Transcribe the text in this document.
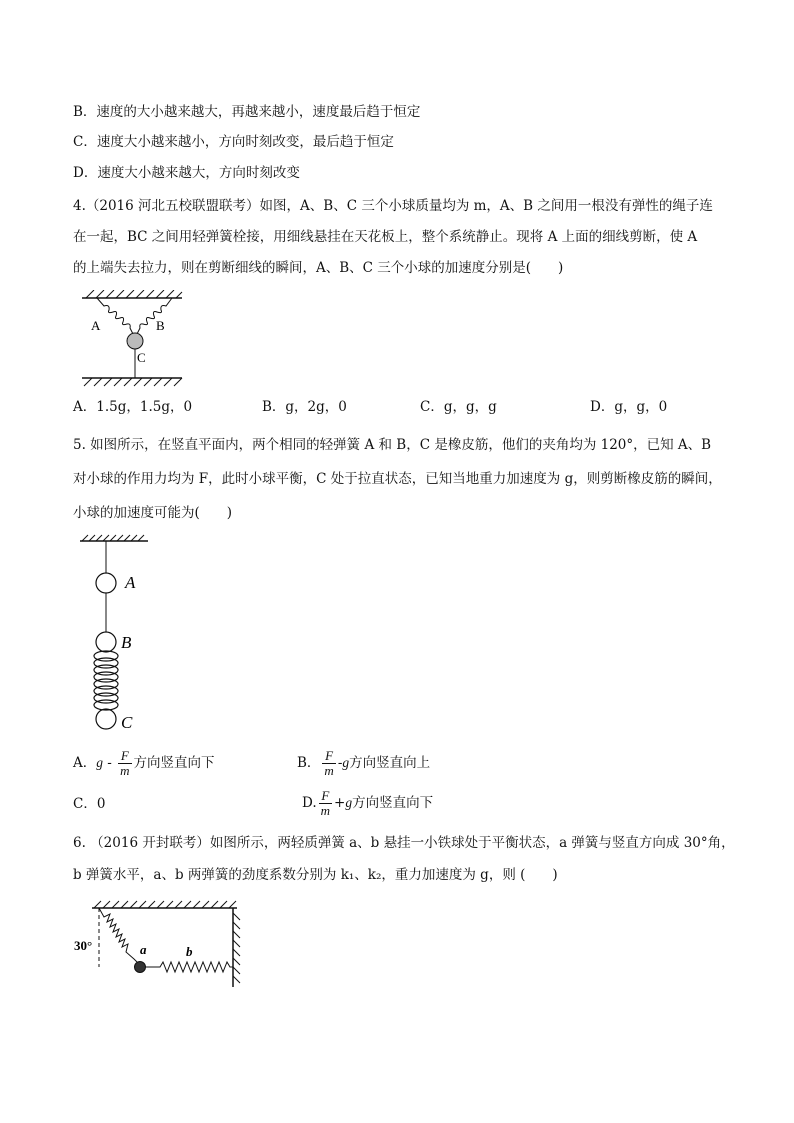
B．速度的大小越来越大，再越来越小，速度最后趋于恒定
C．速度大小越来越小，方向时刻改变，最后趋于恒定
D．速度大小越来越大，方向时刻改变
4.（2016 河北五校联盟联考）如图，A、B、C 三个小球质量均为 m，A、B 之间用一根没有弹性的绳子连
在一起，BC 之间用轻弹簧栓接，用细线悬挂在天花板上，整个系统静止。现将 A 上面的细线剪断，使 A
的上端失去拉力，则在剪断细线的瞬间，A、B、C 三个小球的加速度分别是(　　)
A	B
C
A．1.5g，1.5g，0	B．g，2g，0	C．g，g，g	D．g，g，0
5. 如图所示，在竖直平面内，两个相同的轻弹簧 A 和 B，C 是橡皮筋，他们的夹角均为 120°，已知 A、B
对小球的作用力均为 F，此时小球平衡，C 处于拉直状态，已知当地重力加速度为 g，则剪断橡皮筋的瞬间，
小球的加速度可能为(　　)
A
B
C
A．g - $\frac{F}{m}$ 方向竖直向下	B． $\frac{F}{m} -g$方向竖直向上
C．0	D. $\frac{F}{m} +g$方向竖直向下
6. （2016 开封联考）如图所示，两轻质弹簧 a、b 悬挂一小铁球处于平衡状态，a 弹簧与竖直方向成 30°角，
b 弹簧水平，a、b 两弹簧的劲度系数分别为 k₁、k₂，重力加速度为 g，则 (　　)
30°	a	b
